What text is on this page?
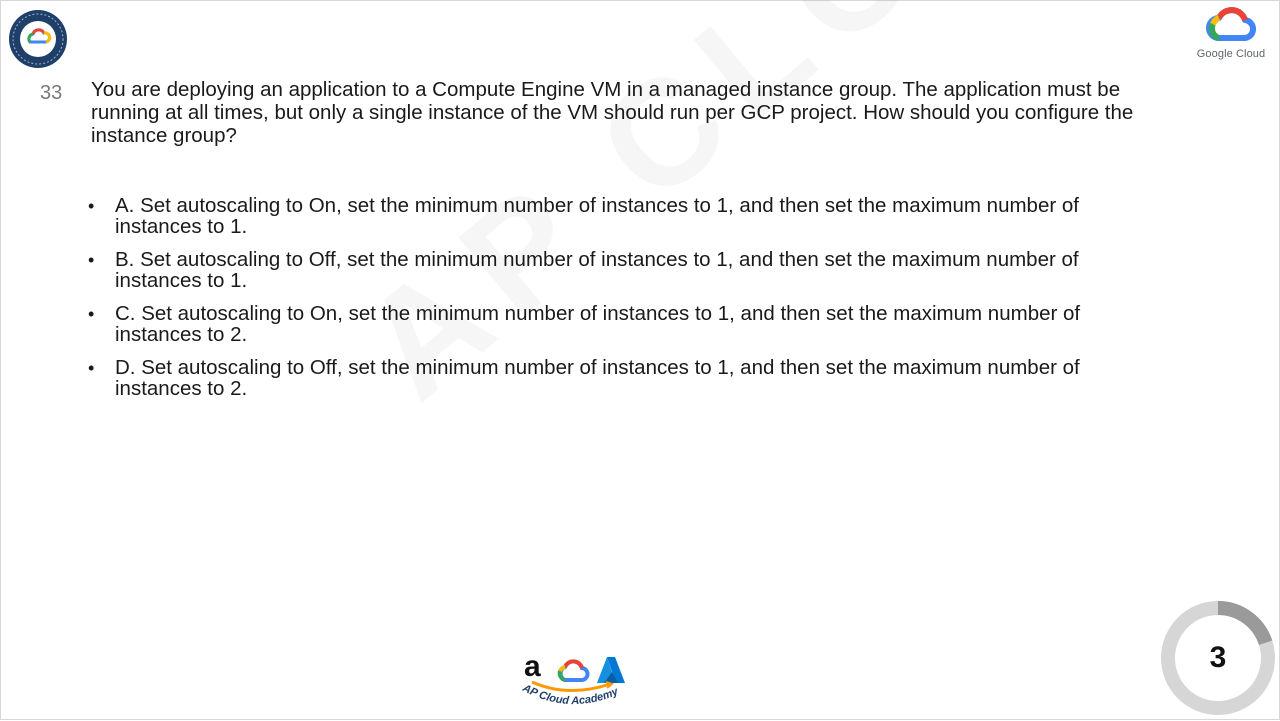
Google Cloud
33 You are deploying an application to a Compute Engine VM in a managed instance group. The application must be running at all times, but only a single instance of the VM should run per GCP project. How should you configure the instance group?
• A. Set autoscaling to On, set the minimum number of instances to 1, and then set the maximum number of instances to 1.
• B. Set autoscaling to Off, set the minimum number of instances to 1, and then set the maximum number of instances to 1.
• C. Set autoscaling to On, set the minimum number of instances to 1, and then set the maximum number of instances to 2.
• D. Set autoscaling to Off, set the minimum number of instances to 1, and then set the maximum number of instances to 2.
a
AP Cloud Academy
3
